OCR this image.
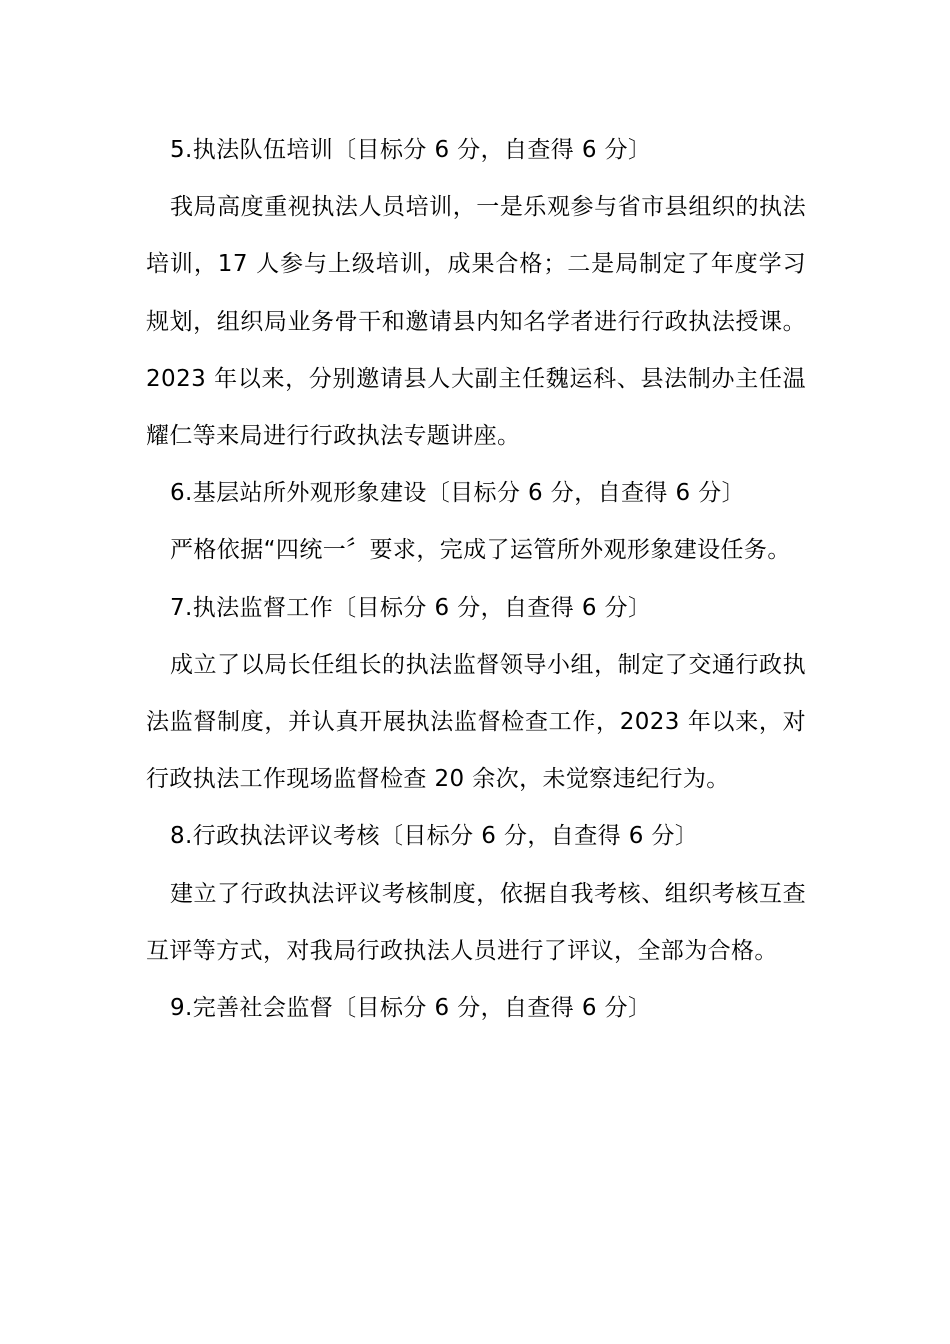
5.执法队伍培训〔目标分 6 分，自查得 6 分〕

我局高度重视执法人员培训，一是乐观参与省市县组织的执法培训，17 人参与上级培训，成果合格；二是局制定了年度学习规划，组织局业务骨干和邀请县内知名学者进行行政执法授课。2023 年以来，分别邀请县人大副主任魏运科、县法制办主任温耀仁等来局进行行政执法专题讲座。

6.基层站所外观形象建设〔目标分 6 分，自查得 6 分〕

严格依据“四统一〞要求，完成了运管所外观形象建设任务。

7.执法监督工作〔目标分 6 分，自查得 6 分〕

成立了以局长任组长的执法监督领导小组，制定了交通行政执法监督制度，并认真开展执法监督检查工作，2023 年以来，对行政执法工作现场监督检查 20 余次，未觉察违纪行为。

8.行政执法评议考核〔目标分 6 分，自查得 6 分〕

建立了行政执法评议考核制度，依据自我考核、组织考核互查互评等方式，对我局行政执法人员进行了评议，全部为合格。

9.完善社会监督〔目标分 6 分，自查得 6 分〕
